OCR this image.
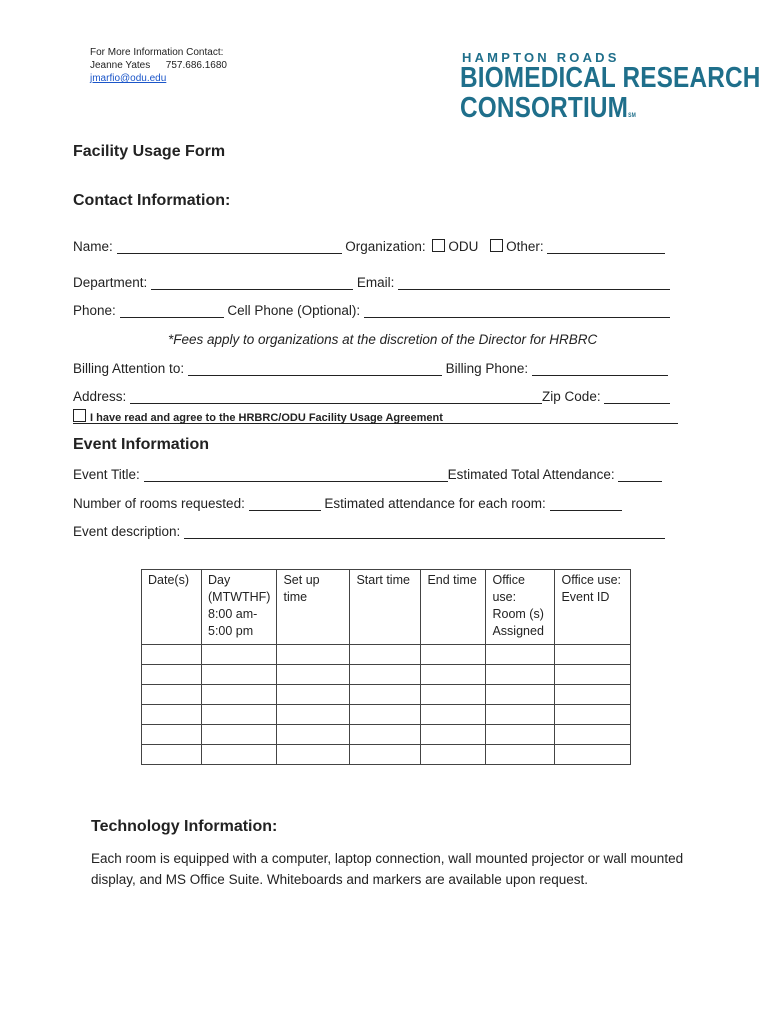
For More Information Contact:
Jeanne Yates 757.686.1680
jmarfio@odu.edu
HAMPTON ROADS
BIOMEDICAL RESEARCH
CONSORTIUMSM
Facility Usage Form
Contact Information:
Name:	Organization: ODU Other:
Department:	Email:
Phone:	Cell Phone (Optional):
*Fees apply to organizations at the discretion of the Director for HRBRC
Billing Attention to:	Billing Phone:
Address:	Zip Code:
I have read and agree to the HRBRC/ODU Facility Usage Agreement
Event Information
Event Title:	Estimated Total Attendance:
Number of rooms requested:	Estimated attendance for each room:
Event description:
Date(s)	Day (MTWTHF) 8:00 am-5:00 pm	Set up time	Start time	End time	Office use: Room (s) Assigned	Office use: Event ID

Technology Information:
Each room is equipped with a computer, laptop connection, wall mounted projector or wall mounted display, and MS Office Suite. Whiteboards and markers are available upon request.
